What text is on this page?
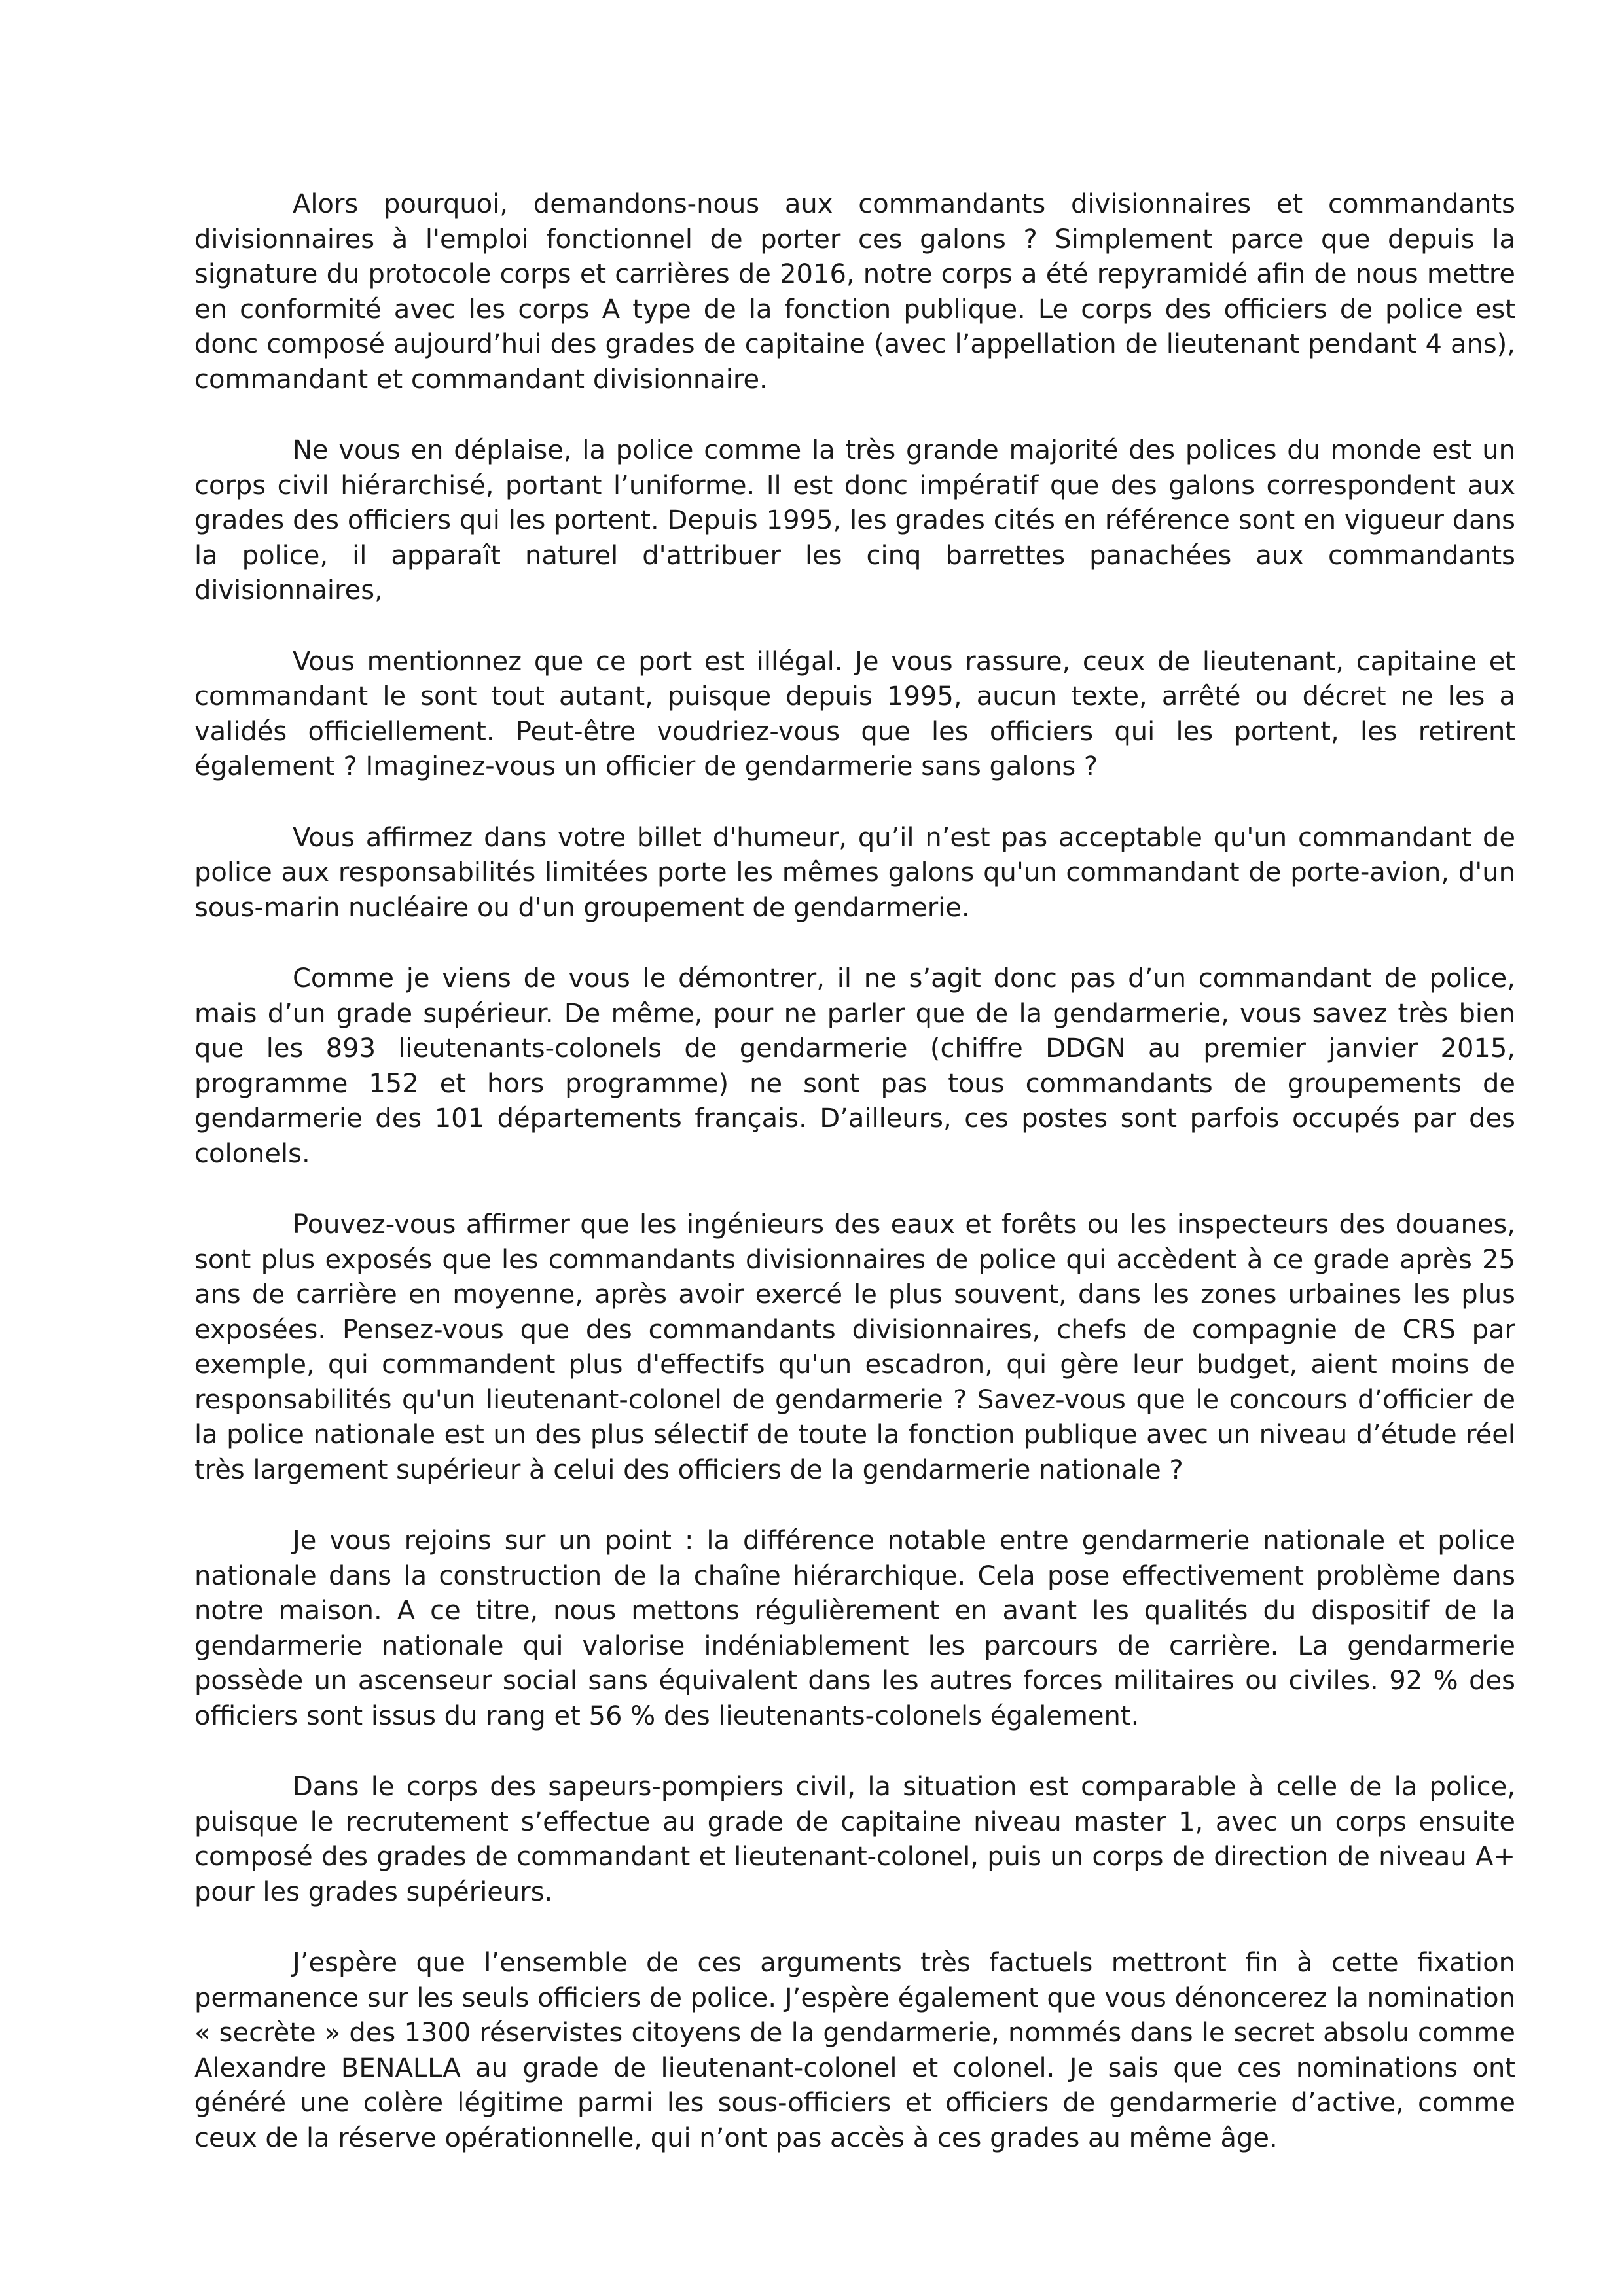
Alors pourquoi, demandons-nous aux commandants divisionnaires et commandants divisionnaires à l'emploi fonctionnel de porter ces galons ? Simplement parce que depuis la signature du protocole corps et carrières de 2016, notre corps a été repyramidé afin de nous mettre en conformité avec les corps A type de la fonction publique. Le corps des officiers de police est donc composé aujourd’hui des grades de capitaine (avec l’appellation de lieutenant pendant 4 ans), commandant et commandant divisionnaire.

Ne vous en déplaise, la police comme la très grande majorité des polices du monde est un corps civil hiérarchisé, portant l’uniforme. Il est donc impératif que des galons correspondent aux grades des officiers qui les portent. Depuis 1995, les grades cités en référence sont en vigueur dans la police, il apparaît naturel d'attribuer les cinq barrettes panachées aux commandants divisionnaires,

Vous mentionnez que ce port est illégal. Je vous rassure, ceux de lieutenant, capitaine et commandant le sont tout autant, puisque depuis 1995, aucun texte, arrêté ou décret ne les a validés officiellement. Peut-être voudriez-vous que les officiers qui les portent, les retirent également ? Imaginez-vous un officier de gendarmerie sans galons ?

Vous affirmez dans votre billet d'humeur, qu’il n’est pas acceptable qu'un commandant de police aux responsabilités limitées porte les mêmes galons qu'un commandant de porte-avion, d'un sous-marin nucléaire ou d'un groupement de gendarmerie.

Comme je viens de vous le démontrer, il ne s’agit donc pas d’un commandant de police, mais d’un grade supérieur. De même, pour ne parler que de la gendarmerie, vous savez très bien que les 893 lieutenants-colonels de gendarmerie (chiffre DDGN au premier janvier 2015, programme 152 et hors programme) ne sont pas tous commandants de groupements de gendarmerie des 101 départements français. D’ailleurs, ces postes sont parfois occupés par des colonels.

Pouvez-vous affirmer que les ingénieurs des eaux et forêts ou les inspecteurs des douanes, sont plus exposés que les commandants divisionnaires de police qui accèdent à ce grade après 25 ans de carrière en moyenne, après avoir exercé le plus souvent, dans les zones urbaines les plus exposées. Pensez-vous que des commandants divisionnaires, chefs de compagnie de CRS par exemple, qui commandent plus d'effectifs qu'un escadron, qui gère leur budget, aient moins de responsabilités qu'un lieutenant-colonel de gendarmerie ? Savez-vous que le concours d’officier de la police nationale est un des plus sélectif de toute la fonction publique avec un niveau d’étude réel très largement supérieur à celui des officiers de la gendarmerie nationale ?

Je vous rejoins sur un point : la différence notable entre gendarmerie nationale et police nationale dans la construction de la chaîne hiérarchique. Cela pose effectivement problème dans notre maison. A ce titre, nous mettons régulièrement en avant les qualités du dispositif de la gendarmerie nationale qui valorise indéniablement les parcours de carrière. La gendarmerie possède un ascenseur social sans équivalent dans les autres forces militaires ou civiles. 92 % des officiers sont issus du rang et 56 % des lieutenants-colonels également.

Dans le corps des sapeurs-pompiers civil, la situation est comparable à celle de la police, puisque le recrutement s’effectue au grade de capitaine niveau master 1, avec un corps ensuite composé des grades de commandant et lieutenant-colonel, puis un corps de direction de niveau A+ pour les grades supérieurs.

J’espère que l’ensemble de ces arguments très factuels mettront fin à cette fixation permanence sur les seuls officiers de police. J’espère également que vous dénoncerez la nomination « secrète » des 1300 réservistes citoyens de la gendarmerie, nommés dans le secret absolu comme Alexandre BENALLA au grade de lieutenant-colonel et colonel. Je sais que ces nominations ont généré une colère légitime parmi les sous-officiers et officiers de gendarmerie d’active, comme ceux de la réserve opérationnelle, qui n’ont pas accès à ces grades au même âge.
